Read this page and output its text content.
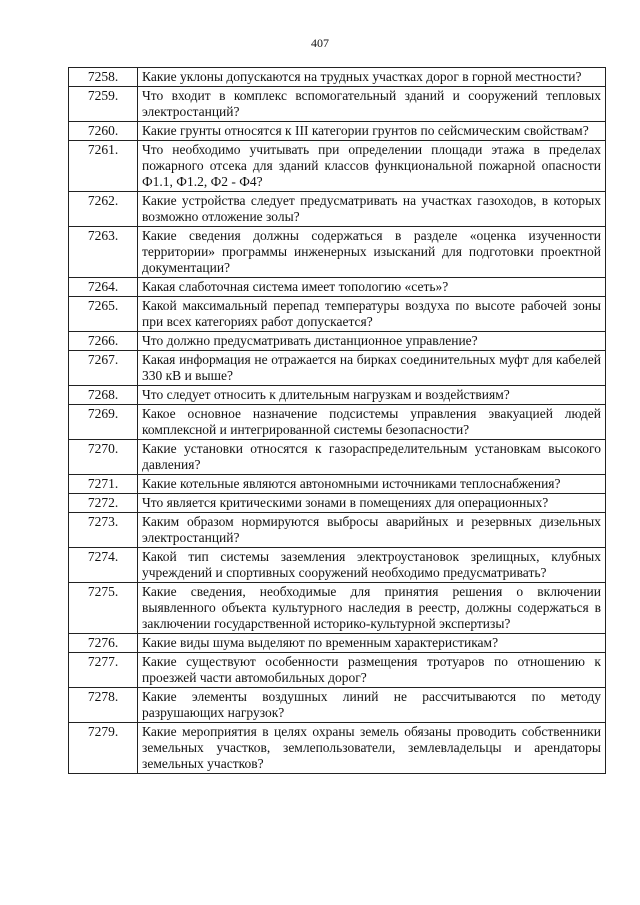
407
7258.	Какие уклоны допускаются на трудных участках дорог в горной местности?
7259.	Что входит в комплекс вспомогательный зданий и сооружений тепловых электростанций?
7260.	Какие грунты относятся к III категории грунтов по сейсмическим свойствам?
7261.	Что необходимо учитывать при определении площади этажа в пределах пожарного отсека для зданий классов функциональной пожарной опасности Ф1.1, Ф1.2, Ф2 - Ф4?
7262.	Какие устройства следует предусматривать на участках газоходов, в которых возможно отложение золы?
7263.	Какие сведения должны содержаться в разделе «оценка изученности территории» программы инженерных изысканий для подготовки проектной документации?
7264.	Какая слаботочная система имеет топологию «сеть»?
7265.	Какой максимальный перепад температуры воздуха по высоте рабочей зоны при всех категориях работ допускается?
7266.	Что должно предусматривать дистанционное управление?
7267.	Какая информация не отражается на бирках соединительных муфт для кабелей 330 кВ и выше?
7268.	Что следует относить к длительным нагрузкам и воздействиям?
7269.	Какое основное назначение подсистемы управления эвакуацией людей комплексной и интегрированной системы безопасности?
7270.	Какие установки относятся к газораспределительным установкам высокого давления?
7271.	Какие котельные являются автономными источниками теплоснабжения?
7272.	Что является критическими зонами в помещениях для операционных?
7273.	Каким образом нормируются выбросы аварийных и резервных дизельных электростанций?
7274.	Какой тип системы заземления электроустановок зрелищных, клубных учреждений и спортивных сооружений необходимо предусматривать?
7275.	Какие сведения, необходимые для принятия решения о включении выявленного объекта культурного наследия в реестр, должны содержаться в заключении государственной историко-культурной экспертизы?
7276.	Какие виды шума выделяют по временным характеристикам?
7277.	Какие существуют особенности размещения тротуаров по отношению к проезжей части автомобильных дорог?
7278.	Какие элементы воздушных линий не рассчитываются по методу разрушающих нагрузок?
7279.	Какие мероприятия в целях охраны земель обязаны проводить собственники земельных участков, землепользователи, землевладельцы и арендаторы земельных участков?
